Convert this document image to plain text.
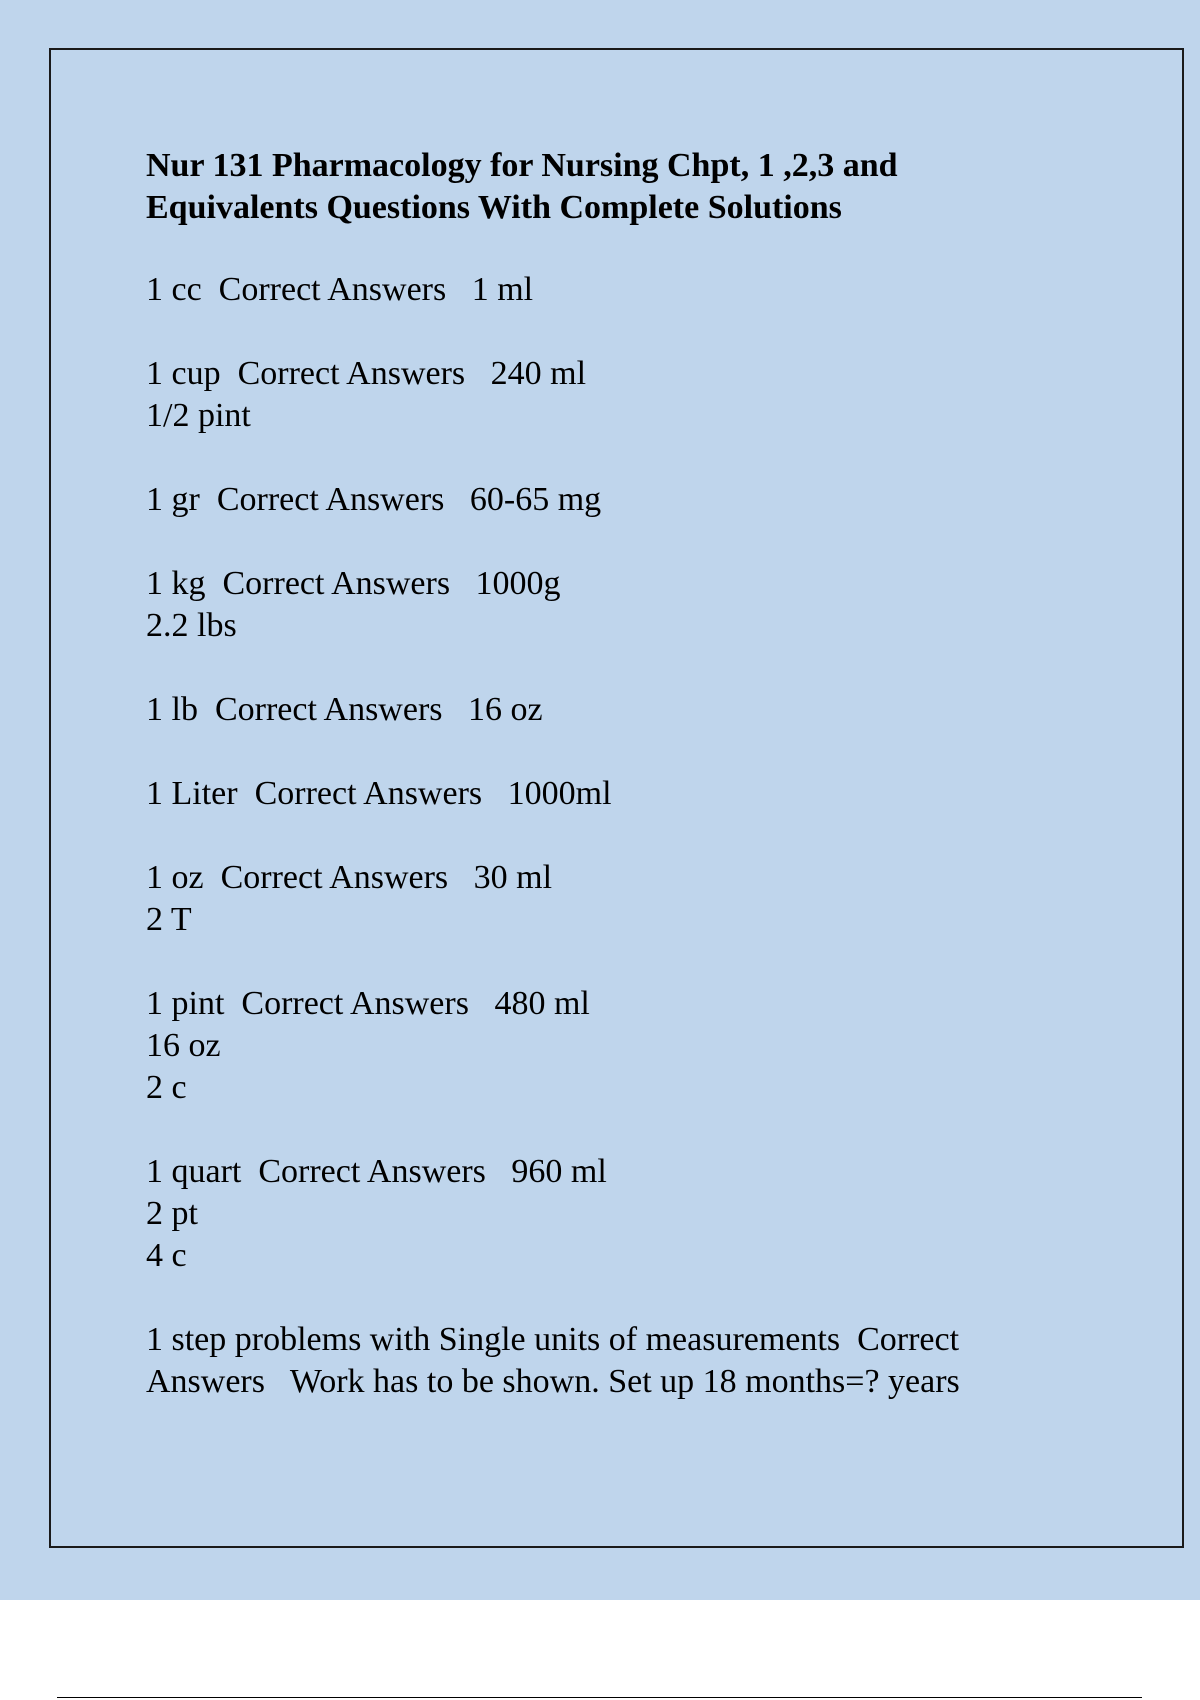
Nur 131 Pharmacology for Nursing Chpt, 1 ,2,3 and Equivalents Questions With Complete Solutions
1 cc  Correct Answers   1 ml
1 cup  Correct Answers   240 ml
1/2 pint
1 gr  Correct Answers   60-65 mg
1 kg  Correct Answers   1000g
2.2 lbs
1 lb  Correct Answers   16 oz
1 Liter  Correct Answers   1000ml
1 oz  Correct Answers   30 ml
2 T
1 pint  Correct Answers   480 ml
16 oz
2 c
1 quart  Correct Answers   960 ml
2 pt
4 c
1 step problems with Single units of measurements  Correct Answers   Work has to be shown. Set up 18 months=? years
